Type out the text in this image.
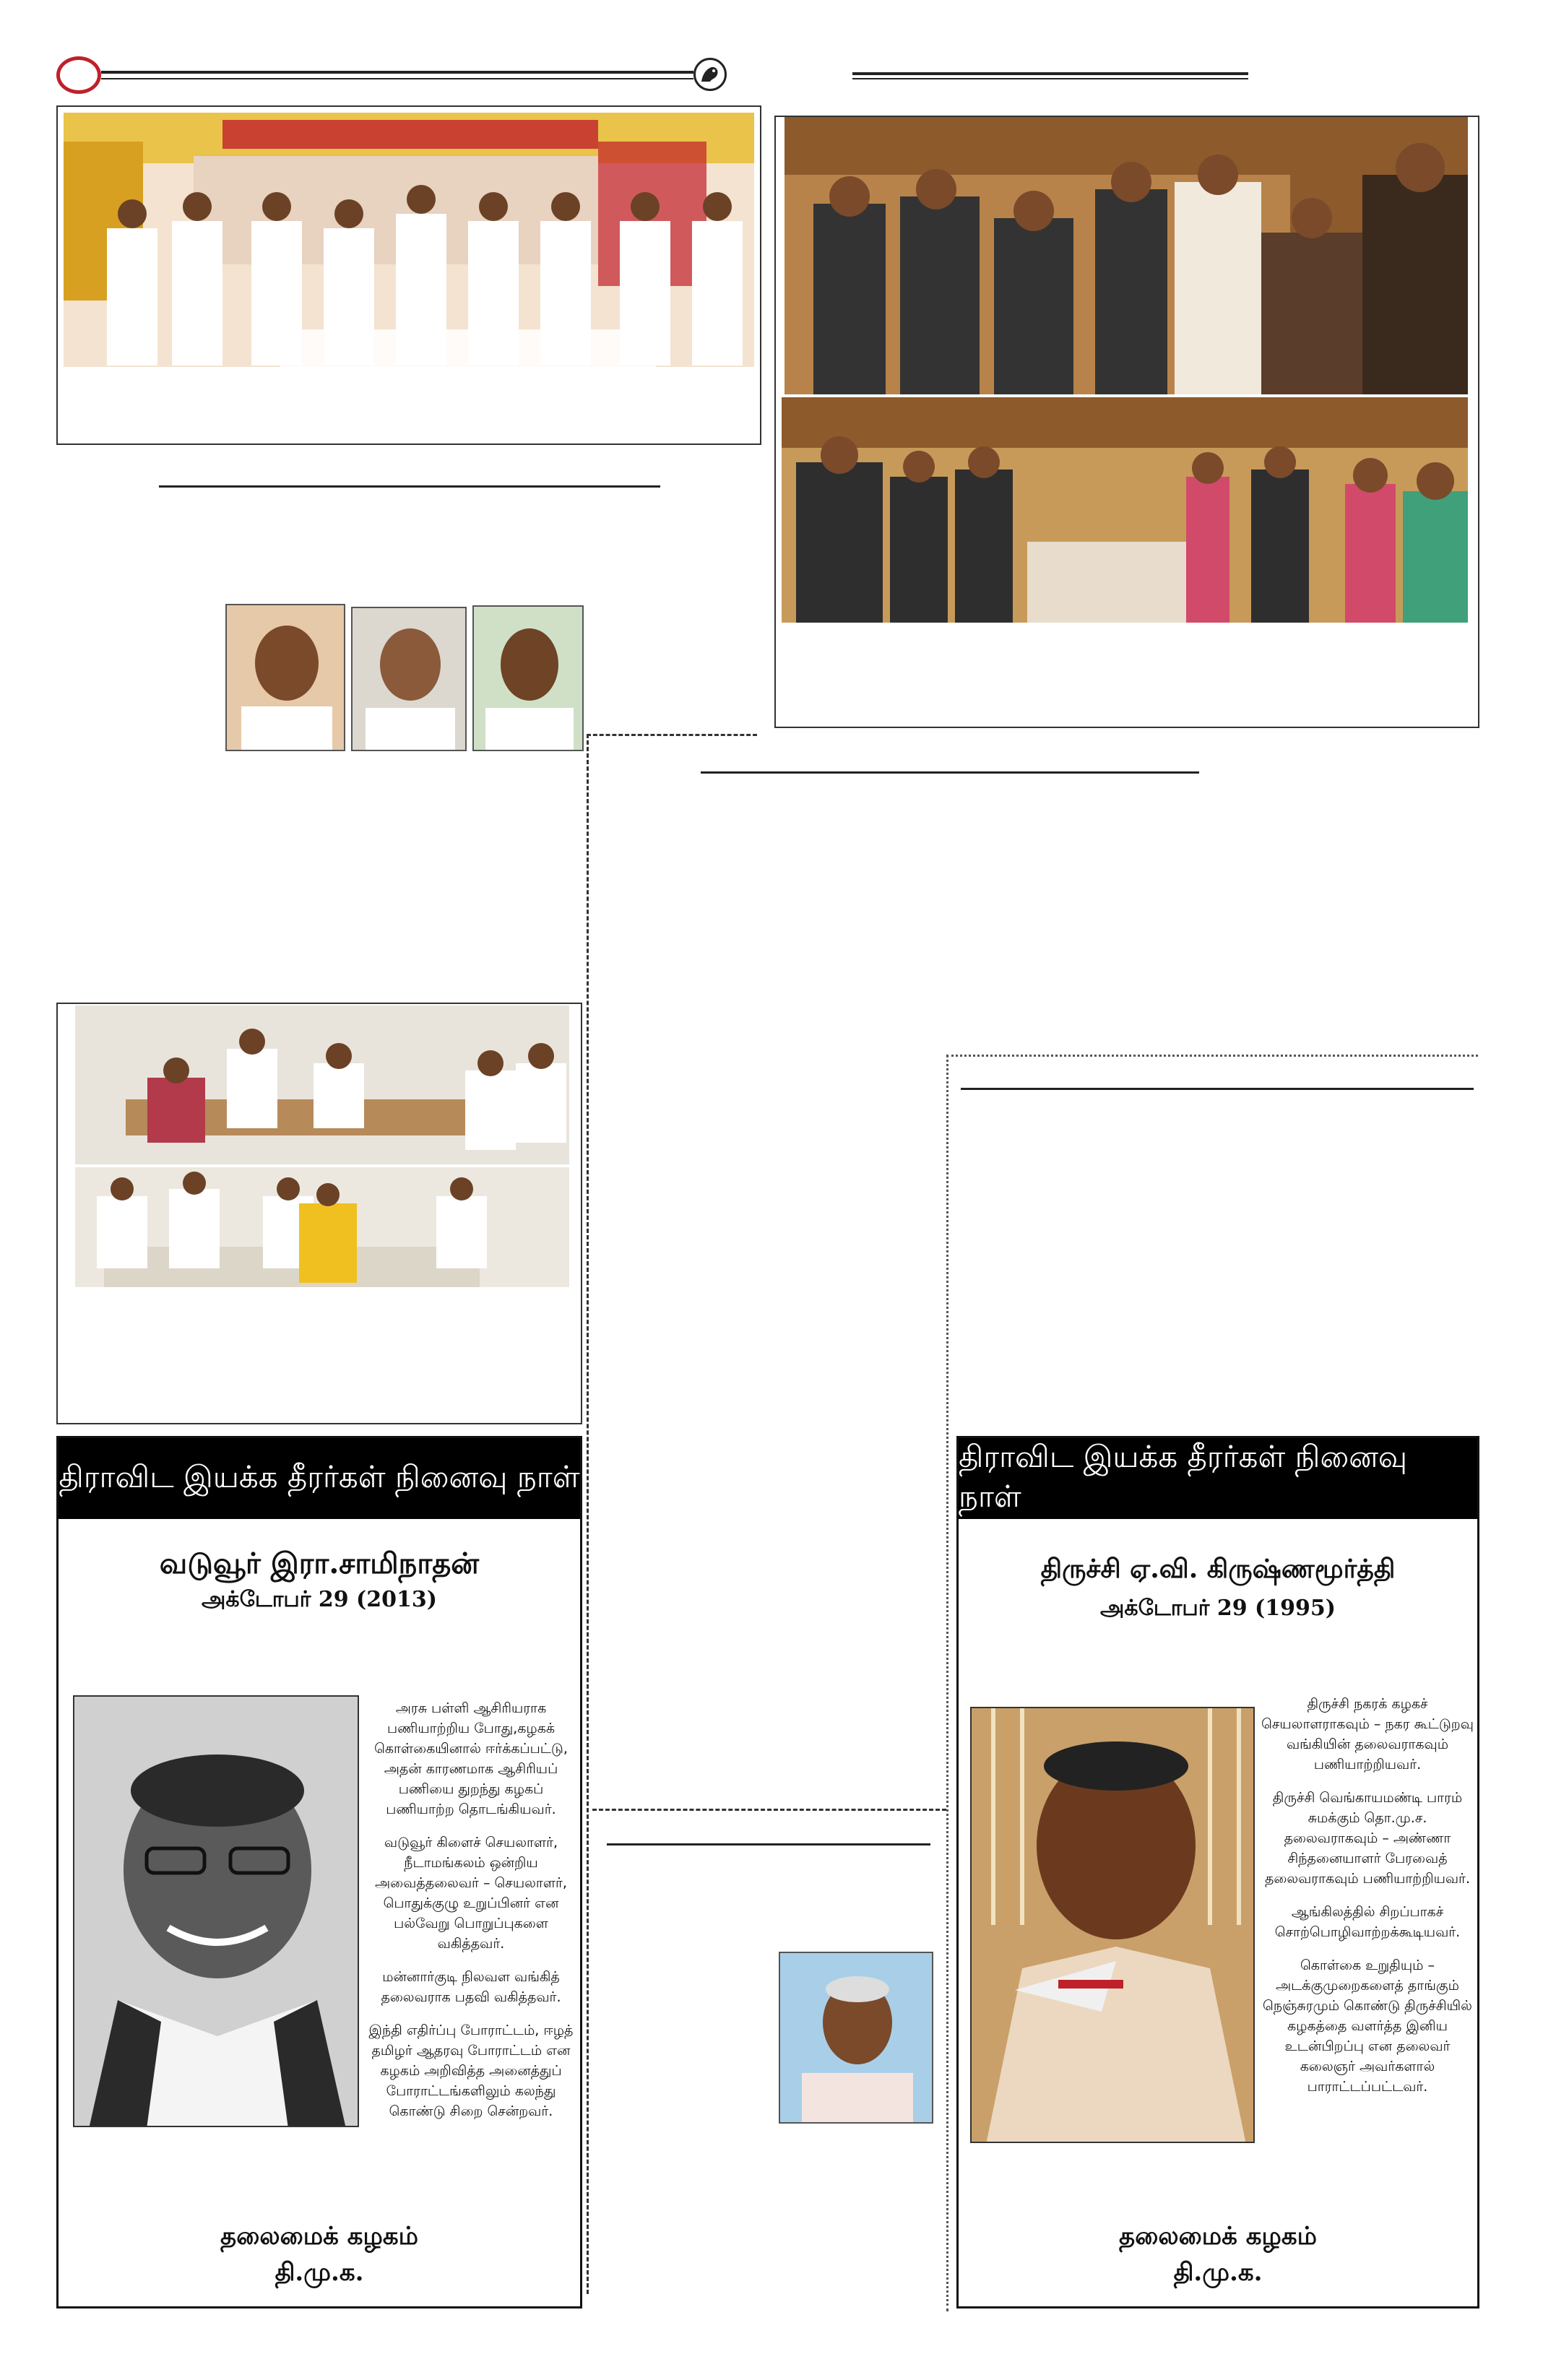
திராவிட இயக்க தீரர்கள் நினைவு நாள்
வடுவூர் இரா.சாமிநாதன்
அக்டோபர் 29 (2013)

அரசு பள்ளி ஆசிரியராக பணியாற்றிய போது,கழகக் கொள்கையினால் ஈர்க்கப்பட்டு, அதன் காரணமாக ஆசிரியப் பணியை துறந்து கழகப் பணியாற்ற தொடங்கியவர்.

வடுவூர் கிளைச் செயலாளர், நீடாமங்கலம் ஒன்றிய அவைத்தலைவர் – செயலாளர், பொதுக்குழு உறுப்பினர் என பல்வேறு பொறுப்புகளை வகித்தவர்.

மன்னார்குடி நிலவள வங்கித் தலைவராக பதவி வகித்தவர்.

இந்தி எதிர்ப்பு போராட்டம், ஈழத் தமிழர் ஆதரவு போராட்டம் என கழகம் அறிவித்த அனைத்துப் போராட்டங்களிலும் கலந்து கொண்டு சிறை சென்றவர்.

தலைமைக் கழகம்
தி.மு.க.
திராவிட இயக்க தீரர்கள் நினைவு நாள்
திருச்சி ஏ.வி. கிருஷ்ணமூர்த்தி
அக்டோபர் 29 (1995)

திருச்சி நகரக் கழகச் செயலாளராகவும் – நகர கூட்டுறவு வங்கியின் தலைவராகவும் பணியாற்றியவர்.

திருச்சி வெங்காயமண்டி பாரம் சுமக்கும் தொ.மு.ச. தலைவராகவும் – அண்ணா சிந்தனையாளர் பேரவைத் தலைவராகவும் பணியாற்றியவர்.

ஆங்கிலத்தில் சிறப்பாகச் சொற்பொழிவாற்றக்கூடியவர்.

கொள்கை உறுதியும் – அடக்குமுறைகளைத் தாங்கும் நெஞ்சுரமும் கொண்டு திருச்சியில் கழகத்தை வளர்த்த இனிய உடன்பிறப்பு என தலைவர் கலைஞர் அவர்களால் பாராட்டப்பட்டவர்.

தலைமைக் கழகம்
தி.மு.க.
